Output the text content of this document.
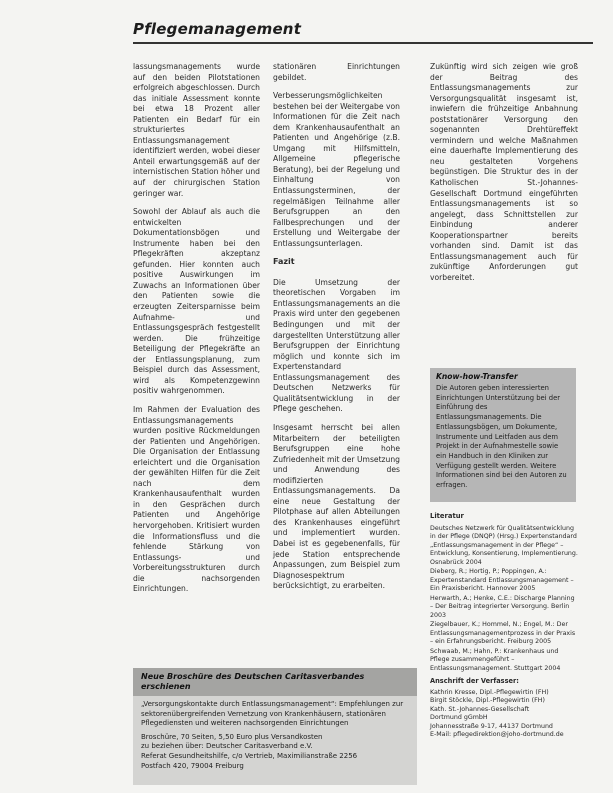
Pflegemanagement

lassungsmanagements wurde auf den beiden Pilotstationen erfolgreich abgeschlossen. Durch das initiale Assessment konnte bei etwa 18 Prozent aller Patienten ein Bedarf für ein strukturiertes Entlassungsmanagement identifiziert werden, wobei dieser Anteil erwartungsgemäß auf der internistischen Station höher und auf der chirurgischen Station geringer war.

Sowohl der Ablauf als auch die entwickelten Dokumentationsbögen und Instrumente haben bei den Pflegekräften akzeptanz gefunden. Hier konnten auch positive Auswirkungen im Zuwachs an Informationen über den Patienten sowie die erzeugten Zeitersparnisse beim Aufnahme- und Entlassungsgespräch festgestellt werden. Die frühzeitige Beteiligung der Pflegekräfte an der Entlassungsplanung, zum Beispiel durch das Assessment, wird als Kompetenzgewinn positiv wahrgenommen.

Im Rahmen der Evaluation des Entlassungsmanagements wurden positive Rückmeldungen der Patienten und Angehörigen. Die Organisation der Entlassung erleichtert und die Organisation der gewählten Hilfen für die Zeit nach dem Krankenhausaufenthalt wurden in den Gesprächen durch Patienten und Angehörige hervorgehoben. Kritisiert wurden die Informationsfluss und die fehlende Stärkung von Entlassungs- und Vorbereitungsstrukturen durch die nachsorgenden Einrichtungen.

stationären Einrichtungen gebildet.

Verbesserungsmöglichkeiten bestehen bei der Weitergabe von Informationen für die Zeit nach dem Krankenhausaufenthalt an Patienten und Angehörige (z.B. Umgang mit Hilfsmitteln, Allgemeine pflegerische Beratung), bei der Regelung und Einhaltung von Entlassungsterminen, der regelmäßigen Teilnahme aller Berufsgruppen an den Fallbesprechungen und der Erstellung und Weitergabe der Entlassungsunterlagen.

Fazit

Die Umsetzung der theoretischen Vorgaben im Entlassungsmanagements an die Praxis wird unter den gegebenen Bedingungen und mit der dargestellten Unterstützung aller Berufsgruppen der Einrichtung möglich und konnte sich im Expertenstandard Entlassungsmanagement des Deutschen Netzwerks für Qualitätsentwicklung in der Pflege geschehen.

Insgesamt herrscht bei allen Mitarbeitern der beteiligten Berufsgruppen eine hohe Zufriedenheit mit der Umsetzung und Anwendung des modifizierten Entlassungsmanagements. Da eine neue Gestaltung der Pilotphase auf allen Abteilungen des Krankenhauses eingeführt und implementiert wurden. Dabei ist es gegebenenfalls, für jede Station entsprechende Anpassungen, zum Beispiel zum Diagnosespektrum berücksichtigt, zu erarbeiten.

Zukünftig wird sich zeigen wie groß der Beitrag des Entlassungsmanagements zur Versorgungsqualität insgesamt ist, inwiefern die frühzeitige Anbahnung poststationärer Versorgung den sogenannten Drehtüreffekt vermindern und welche Maßnahmen eine dauerhafte Implementierung des neu gestalteten Vorgehens begünstigen. Die Struktur des in der Katholischen St.-Johannes-Gesellschaft Dortmund eingeführten Entlassungsmanagements ist so angelegt, dass Schnittstellen zur Einbindung anderer Kooperationspartner bereits vorhanden sind. Damit ist das Entlassungsmanagement auch für zukünftige Anforderungen gut vorbereitet.

Know-how-Transfer
Die Autoren geben interessierten Einrichtungen Unterstützung bei der Einführung des Entlassungsmanagements. Die Entlassungsbögen, um Dokumente, Instrumente und Leitfaden aus dem Projekt in der Aufnahmestelle sowie ein Handbuch in den Kliniken zur Verfügung gestellt werden. Weitere Informationen sind bei den Autoren zu erfragen.
Literatur
Deutsches Netzwerk für Qualitätsentwicklung in der Pflege (DNQP) (Hrsg.) Expertenstandard „Entlassungsmanagement in der Pflege“ – Entwicklung, Konsentierung, Implementierung. Osnabrück 2004
Dieberg, R.; Hortig, P.; Poppingen, A.: Expertenstandard Entlassungsmanagement – Ein Praxisbericht. Hannover 2005
Herwarth, A.; Henke, C.E.: Discharge Planning – Der Beitrag integrierter Versorgung. Berlin 2003
Ziegelbauer, K.; Hommel, N.; Engel, M.: Der Entlassungsmanagementprozess in der Praxis – ein Erfahrungsbericht. Freiburg 2005
Schwaab, M.; Hahn, P.: Krankenhaus und Pflege zusammengeführt – Entlassungsmanagement. Stuttgart 2004
Anschrift der Verfasser:
Kathrin Kresse, Dipl.-Pflegewirtin (FH)
Birgit Stöckle, Dipl.-Pflegewirtin (FH)
Kath. St.-Johannes-Gesellschaft
Dortmund gGmbH
Johannesstraße 9-17, 44137 Dortmund
E-Mail: pflegedirektion@joho-dortmund.de
Neue Broschüre des Deutschen Caritasverbandes erschienen

„Versorgungskontakte durch Entlassungsmanagement“: Empfehlungen zur sektorenübergreifenden Vernetzung von Krankenhäusern, stationären Pflegediensten und weiteren nachsorgenden Einrichtungen

Broschüre, 70 Seiten, 5,50 Euro plus Versandkosten
zu beziehen über: Deutscher Caritasverband e.V.
Referat Gesundheitshilfe, c/o Vertrieb, Maximilianstraße 2256
Postfach 420, 79004 Freiburg
